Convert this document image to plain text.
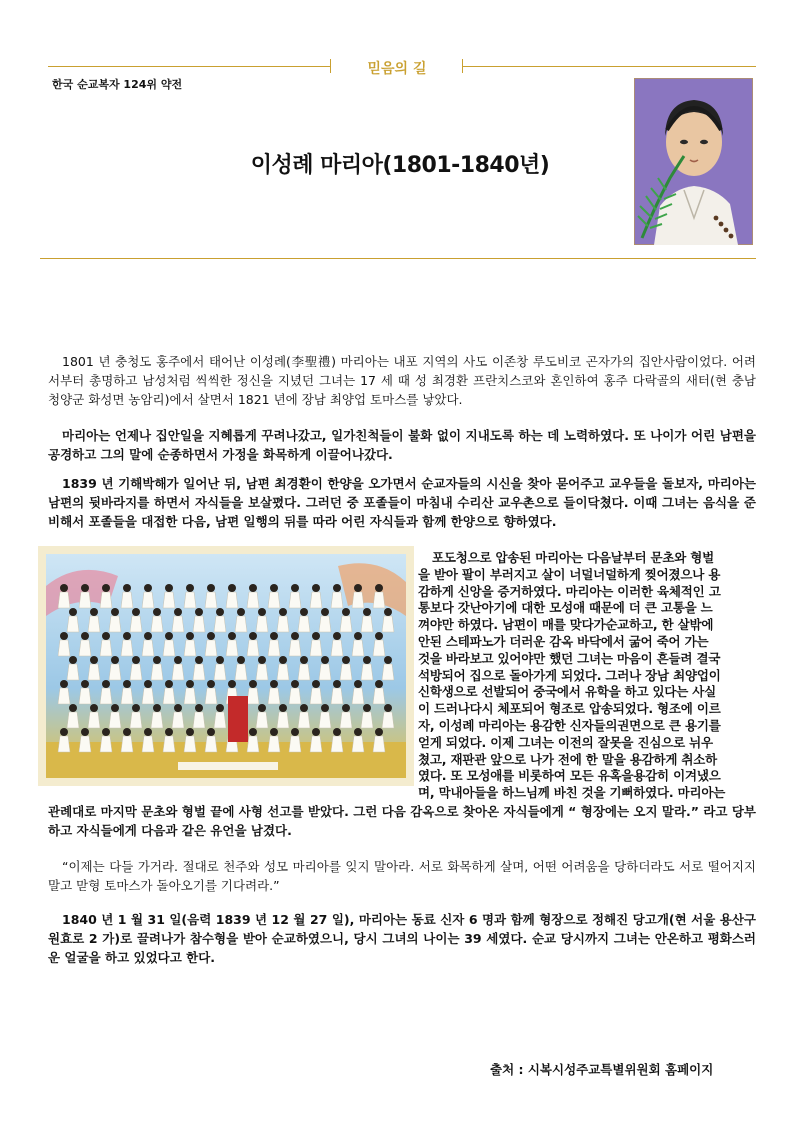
믿음의 길
한국 순교복자 124위 약전
이성례 마리아(1801-1840년)

1801 년 충청도 홍주에서 태어난 이성례(李聖禮) 마리아는 내포 지역의 사도 이존창 루도비코 곤자가의 집안사람이었다. 어려서부터 총명하고 남성처럼 씩씩한 정신을 지녔던 그녀는 17 세 때 성 최경환 프란치스코와 혼인하여 홍주 다락골의 새터(현 충남 청양군 화성면 농암리)에서 살면서 1821 년에 장남 최양업 토마스를 낳았다.

마리아는 언제나 집안일을 지혜롭게 꾸려나갔고, 일가친척들이 불화 없이 지내도록 하는 데 노력하였다. 또 나이가 어린 남편을 공경하고 그의 말에 순종하면서 가정을 화목하게 이끌어나갔다.

1839 년 기해박해가 일어난 뒤, 남편 최경환이 한양을 오가면서 순교자들의 시신을 찾아 묻어주고 교우들을 돌보자, 마리아는 남편의 뒷바라지를 하면서 자식들을 보살폈다. 그러던 중 포졸들이 마침내 수리산 교우촌으로 들이닥쳤다. 이때 그녀는 음식을 준비해서 포졸들을 대접한 다음, 남편 일행의 뒤를 따라 어린 자식들과 함께 한양으로 향하였다.

포도청으로 압송된 마리아는 다음날부터 문초와 형벌

을 받아 팔이 부러지고 살이 너덜너덜하게 찢어졌으나 용

감하게 신앙을 증거하였다. 마리아는 이러한 육체적인 고

통보다 갓난아기에 대한 모성애 때문에 더 큰 고통을 느

껴야만 하였다. 남편이 매를 맞다가순교하고, 한 살밖에

안된 스테파노가 더러운 감옥 바닥에서 굶어 죽어 가는

것을 바라보고 있어야만 했던 그녀는 마음이 흔들려 결국

석방되어 집으로 돌아가게 되었다. 그러나 장남 최양업이

신학생으로 선발되어 중국에서 유학을 하고 있다는 사실

이 드러나다시 체포되어 형조로 압송되었다. 형조에 이르

자, 이성례 마리아는 용감한 신자들의권면으로 큰 용기를

얻게 되었다. 이제 그녀는 이전의 잘못을 진심으로 뉘우

쳤고, 재판관 앞으로 나가 전에 한 말을 용감하게 취소하

였다. 또 모성애를 비롯하여 모든 유혹을용감히 이겨냈으

며, 막내아들을 하느님께 바친 것을 기뻐하였다. 마리아는

관례대로 마지막 문초와 형벌 끝에 사형 선고를 받았다. 그런 다음 감옥으로 찾아온 자식들에게 “ 형장에는 오지 말라.” 라고 당부하고 자식들에게 다음과 같은 유언을 남겼다.

“이제는 다들 가거라. 절대로 천주와 성모 마리아를 잊지 말아라. 서로 화목하게 살며, 어떤 어려움을 당하더라도 서로 떨어지지 말고 맏형 토마스가 돌아오기를 기다려라.”

1840 년 1 월 31 일(음력 1839 년 12 월 27 일), 마리아는 동료 신자 6 명과 함께 형장으로 정해진 당고개(현 서울 용산구 원효로 2 가)로 끌려나가 참수형을 받아 순교하였으니, 당시 그녀의 나이는 39 세였다. 순교 당시까지 그녀는 안온하고 평화스러운 얼굴을 하고 있었다고 한다.

출처 : 시복시성주교특별위원회 홈페이지
